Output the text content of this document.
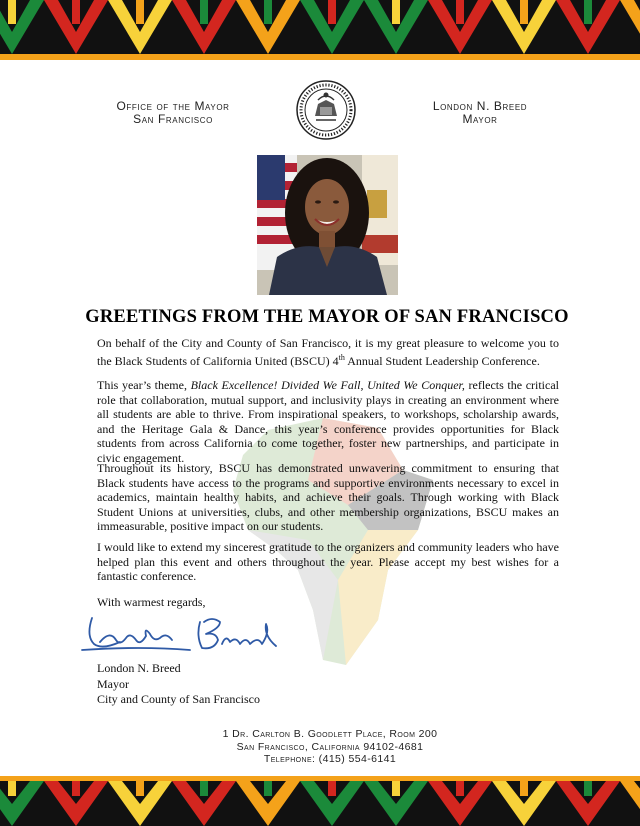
Office of the Mayor
San Francisco
London N. Breed
Mayor
GREETINGS FROM THE MAYOR OF SAN FRANCISCO

On behalf of the City and County of San Francisco, it is my great pleasure to welcome you to the Black Students of California United (BSCU) 4th Annual Student Leadership Conference.

This year’s theme, Black Excellence! Divided We Fall, United We Conquer, reflects the critical role that collaboration, mutual support, and inclusivity plays in creating an environment where all students are able to thrive. From inspirational speakers, to workshops, scholarship awards, and the Heritage Gala & Dance, this year’s conference provides opportunities for Black students from across California to come together, foster new partnerships, and participate in civic engagement.

Throughout its history, BSCU has demonstrated unwavering commitment to ensuring that Black students have access to the programs and supportive environments necessary to excel in academics, maintain healthy habits, and achieve their goals. Through working with Black Student Unions at universities, clubs, and other membership organizations, BSCU makes an immeasurable, positive impact on our students.

I would like to extend my sincerest gratitude to the organizers and community leaders who have helped plan this event and others throughout the year. Please accept my best wishes for a fantastic conference.

With warmest regards,
London N. Breed
Mayor
City and County of San Francisco
1 Dr. Carlton B. Goodlett Place, Room 200
San Francisco, California 94102-4681
Telephone: (415) 554-6141
